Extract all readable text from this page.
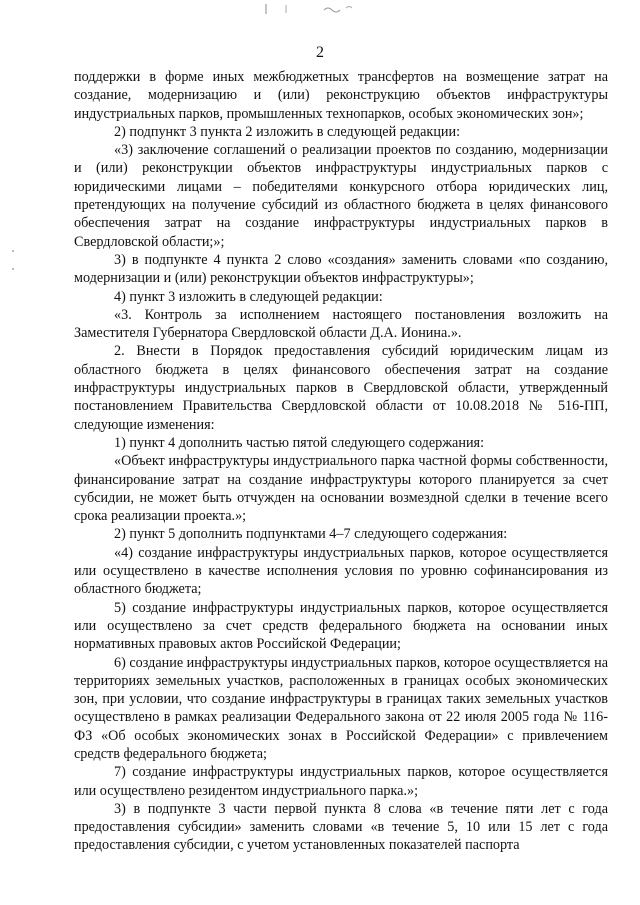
2

поддержки в форме иных межбюджетных трансфертов на возмещение затрат на создание, модернизацию и (или) реконструкцию объектов инфраструктуры индустриальных парков, промышленных технопарков, особых экономических зон»;

2) подпункт 3 пункта 2 изложить в следующей редакции:

«3) заключение соглашений о реализации проектов по созданию, модернизации и (или) реконструкции объектов инфраструктуры индустриальных парков с юридическими лицами – победителями конкурсного отбора юридических лиц, претендующих на получение субсидий из областного бюджета в целях финансового обеспечения затрат на создание инфраструктуры индустриальных парков в Свердловской области;»;

3) в подпункте 4 пункта 2 слово «создания» заменить словами «по созданию, модернизации и (или) реконструкции объектов инфраструктуры»;

4) пункт 3 изложить в следующей редакции:

«3. Контроль за исполнением настоящего постановления возложить на Заместителя Губернатора Свердловской области Д.А. Ионина.».

2. Внести в Порядок предоставления субсидий юридическим лицам из областного бюджета в целях финансового обеспечения затрат на создание инфраструктуры индустриальных парков в Свердловской области, утвержденный постановлением Правительства Свердловской области от 10.08.2018 № 516-ПП, следующие изменения:

1) пункт 4 дополнить частью пятой следующего содержания:

«Объект инфраструктуры индустриального парка частной формы собственности, финансирование затрат на создание инфраструктуры которого планируется за счет субсидии, не может быть отчужден на основании возмездной сделки в течение всего срока реализации проекта.»;

2) пункт 5 дополнить подпунктами 4–7 следующего содержания:

«4) создание инфраструктуры индустриальных парков, которое осуществляется или осуществлено в качестве исполнения условия по уровню софинансирования из областного бюджета;

5) создание инфраструктуры индустриальных парков, которое осуществляется или осуществлено за счет средств федерального бюджета на основании иных нормативных правовых актов Российской Федерации;

6) создание инфраструктуры индустриальных парков, которое осуществляется на территориях земельных участков, расположенных в границах особых экономических зон, при условии, что создание инфраструктуры в границах таких земельных участков осуществлено в рамках реализации Федерального закона от 22 июля 2005 года № 116-ФЗ «Об особых экономических зонах в Российской Федерации» с привлечением средств федерального бюджета;

7) создание инфраструктуры индустриальных парков, которое осуществляется или осуществлено резидентом индустриального парка.»;

3) в подпункте 3 части первой пункта 8 слова «в течение пяти лет с года предоставления субсидии» заменить словами «в течение 5, 10 или 15 лет с года предоставления субсидии, с учетом установленных показателей паспорта
